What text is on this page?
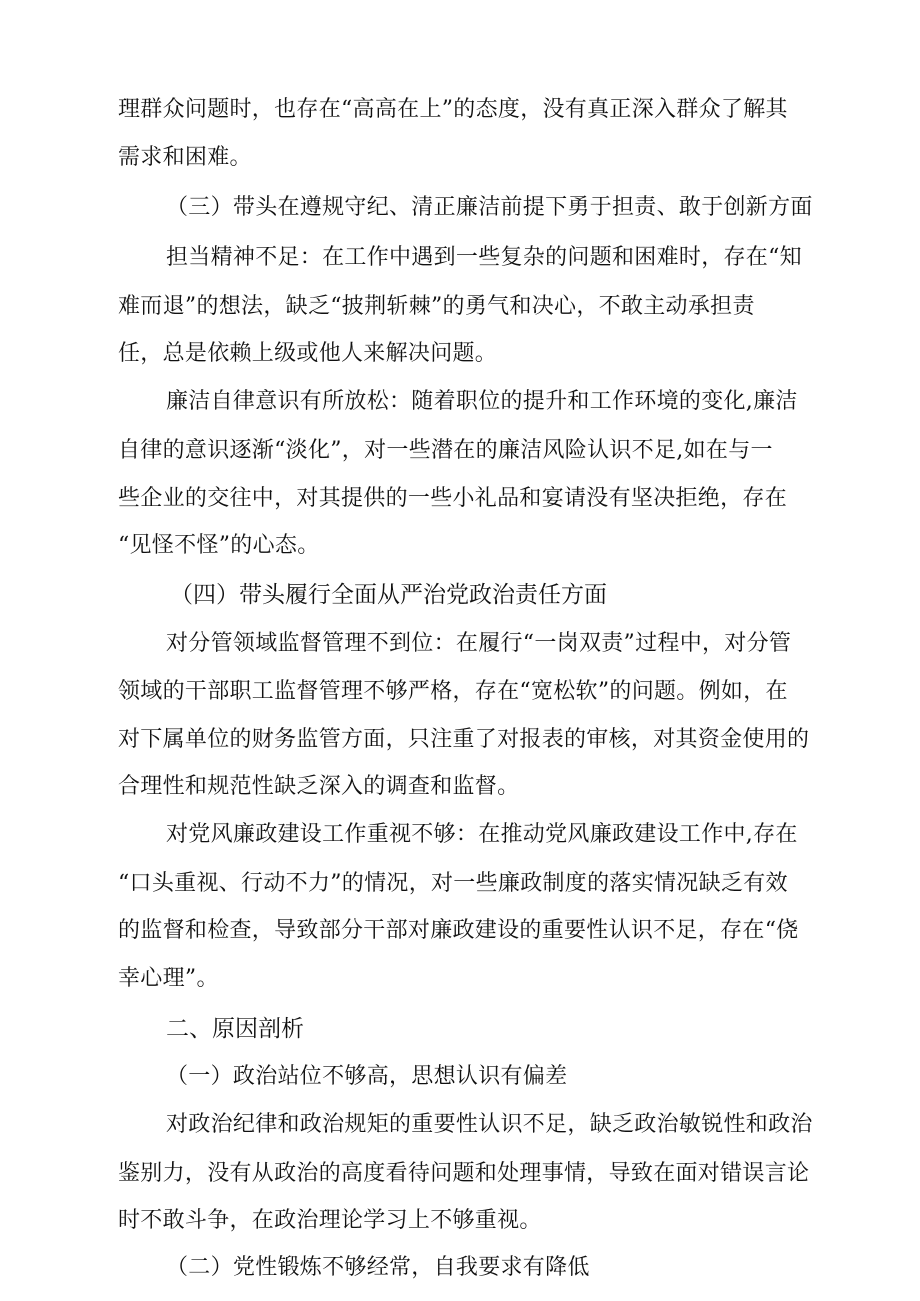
理群众问题时，也存在“高高在上”的态度，没有真正深入群众了解其
需求和困难。
（三）带头在遵规守纪、清正廉洁前提下勇于担责、敢于创新方面
担当精神不足：在工作中遇到一些复杂的问题和困难时，存在“知
难而退”的想法，缺乏“披荆斩棘”的勇气和决心，不敢主动承担责
任，总是依赖上级或他人来解决问题。
廉洁自律意识有所放松：随着职位的提升和工作环境的变化,廉洁
自律的意识逐渐“淡化”，对一些潜在的廉洁风险认识不足,如在与一
些企业的交往中，对其提供的一些小礼品和宴请没有坚决拒绝，存在
“见怪不怪”的心态。
（四）带头履行全面从严治党政治责任方面
对分管领域监督管理不到位：在履行“一岗双责”过程中，对分管
领域的干部职工监督管理不够严格，存在“宽松软”的问题。例如，在
对下属单位的财务监管方面，只注重了对报表的审核，对其资金使用的
合理性和规范性缺乏深入的调查和监督。
对党风廉政建设工作重视不够：在推动党风廉政建设工作中,存在
“口头重视、行动不力”的情况，对一些廉政制度的落实情况缺乏有效
的监督和检查，导致部分干部对廉政建设的重要性认识不足，存在“侥
幸心理”。
二、原因剖析
（一）政治站位不够高，思想认识有偏差
对政治纪律和政治规矩的重要性认识不足，缺乏政治敏锐性和政治
鉴别力，没有从政治的高度看待问题和处理事情，导致在面对错误言论
时不敢斗争，在政治理论学习上不够重视。
（二）党性锻炼不够经常，自我要求有降低
